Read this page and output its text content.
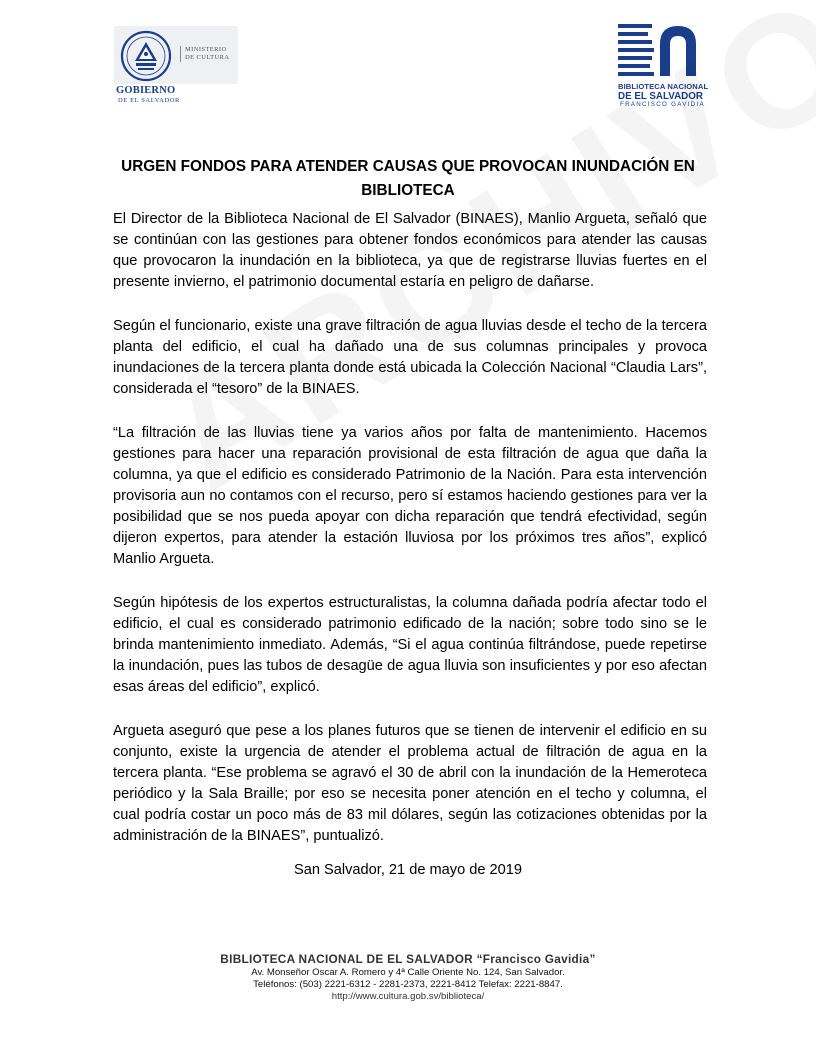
MINISTERIO
DE CULTURA
GOBIERNO
DE EL SALVADOR
BIBLIOTECA NACIONAL
DE EL SALVADOR
FRANCISCO GAVIDIA
URGEN FONDOS PARA ATENDER CAUSAS QUE PROVOCAN INUNDACIÓN EN BIBLIOTECA

El Director de la Biblioteca Nacional de El Salvador (BINAES), Manlio Argueta, señaló que se continúan con las gestiones para obtener fondos económicos para atender las causas que provocaron la inundación en la biblioteca, ya que de registrarse lluvias fuertes en el presente invierno, el patrimonio documental estaría en peligro de dañarse.

Según el funcionario, existe una grave filtración de agua lluvias desde el techo de la tercera planta del edificio, el cual ha dañado una de sus columnas principales y provoca inundaciones de la tercera planta donde está ubicada la Colección Nacional “Claudia Lars”, considerada el “tesoro” de la BINAES.

“La filtración de las lluvias tiene ya varios años por falta de mantenimiento. Hacemos gestiones para hacer una reparación provisional de esta filtración de agua que daña la columna, ya que el edificio es considerado Patrimonio de la Nación. Para esta intervención provisoria aun no contamos con el recurso, pero sí estamos haciendo gestiones para ver la posibilidad que se nos pueda apoyar con dicha reparación que tendrá efectividad, según dijeron expertos, para atender la estación lluviosa por los próximos tres años”, explicó Manlio Argueta.

Según hipótesis de los expertos estructuralistas, la columna dañada podría afectar todo el edificio, el cual es considerado patrimonio edificado de la nación; sobre todo sino se le brinda mantenimiento inmediato. Además, “Si el agua continúa filtrándose, puede repetirse la inundación, pues las tubos de desagüe de agua lluvia son insuficientes y por eso afectan esas áreas del edificio”, explicó.

Argueta aseguró que pese a los planes futuros que se tienen de intervenir el edificio en su conjunto, existe la urgencia de atender el problema actual de filtración de agua en la tercera planta. “Ese problema se agravó el 30 de abril con la inundación de la Hemeroteca periódico y la Sala Braille; por eso se necesita poner atención en el techo y columna, el cual podría costar un poco más de 83 mil dólares, según las cotizaciones obtenidas por la administración de la BINAES”, puntualizó.

San Salvador, 21 de mayo de 2019
BIBLIOTECA NACIONAL DE EL SALVADOR “Francisco Gavidia”
Av. Monseñor Oscar A. Romero y 4ª Calle Oriente No. 124, San Salvador.
Teléfonos: (503) 2221-6312 - 2281-2373, 2221-8412 Telefax: 2221-8847.
http://www.cultura.gob.sv/biblioteca/
